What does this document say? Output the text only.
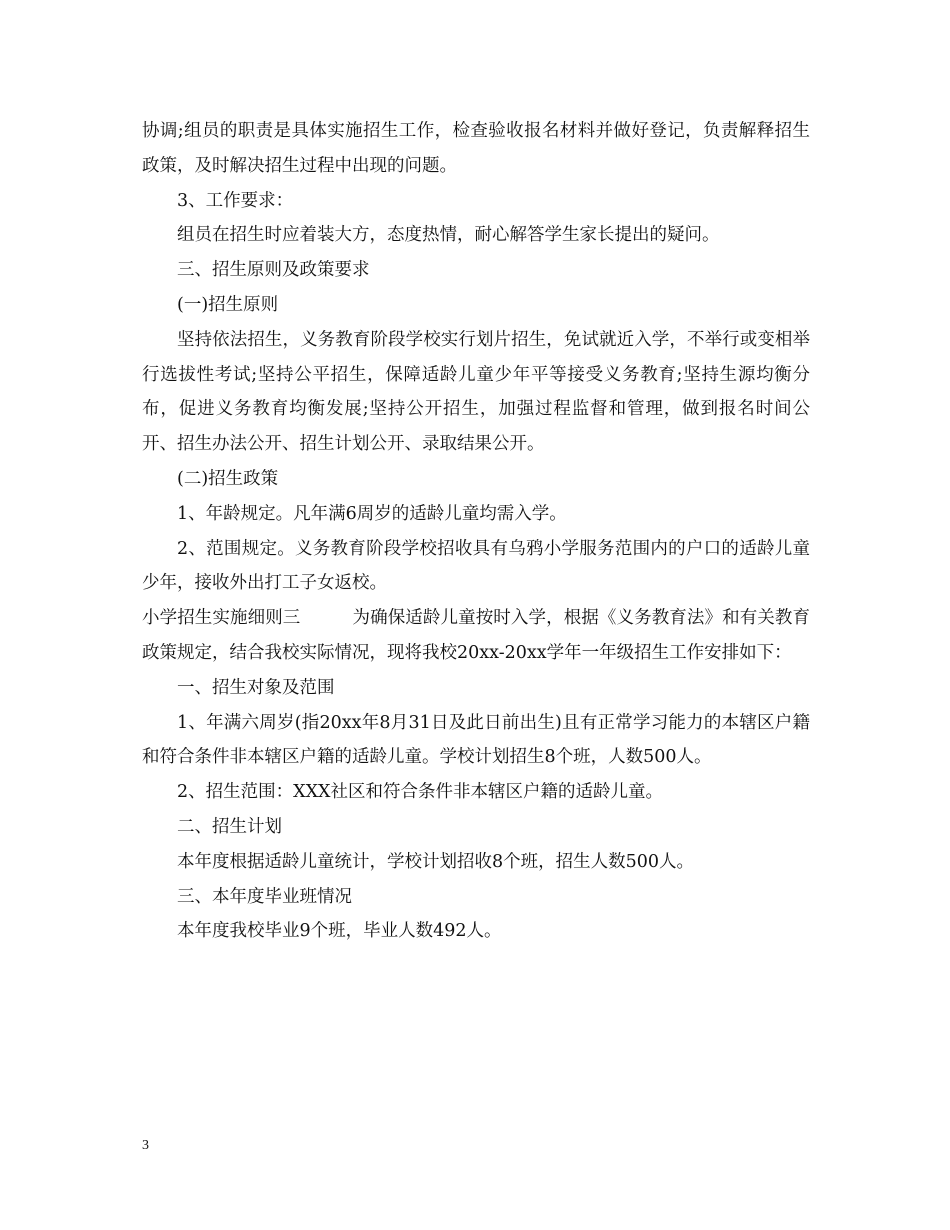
协调;组员的职责是具体实施招生工作，检查验收报名材料并做好登记，负责解释招生政策，及时解决招生过程中出现的问题。

3、工作要求：

组员在招生时应着装大方，态度热情，耐心解答学生家长提出的疑问。

三、招生原则及政策要求

(一)招生原则

坚持依法招生，义务教育阶段学校实行划片招生，免试就近入学，不举行或变相举行选拔性考试;坚持公平招生，保障适龄儿童少年平等接受义务教育;坚持生源均衡分布，促进义务教育均衡发展;坚持公开招生，加强过程监督和管理，做到报名时间公开、招生办法公开、招生计划公开、录取结果公开。

(二)招生政策

1、年龄规定。凡年满6周岁的适龄儿童均需入学。

2、范围规定。义务教育阶段学校招收具有乌鸦小学服务范围内的户口的适龄儿童少年，接收外出打工子女返校。

小学招生实施细则三	为确保适龄儿童按时入学，根据《义务教育法》和有关教育政策规定，结合我校实际情况，现将我校20xx-20xx学年一年级招生工作安排如下：

一、招生对象及范围

1、年满六周岁(指20xx年8月31日及此日前出生)且有正常学习能力的本辖区户籍和符合条件非本辖区户籍的适龄儿童。学校计划招生8个班，人数500人。

2、招生范围：XXX社区和符合条件非本辖区户籍的适龄儿童。

二、招生计划

本年度根据适龄儿童统计，学校计划招收8个班，招生人数500人。

三、本年度毕业班情况

本年度我校毕业9个班，毕业人数492人。

3
